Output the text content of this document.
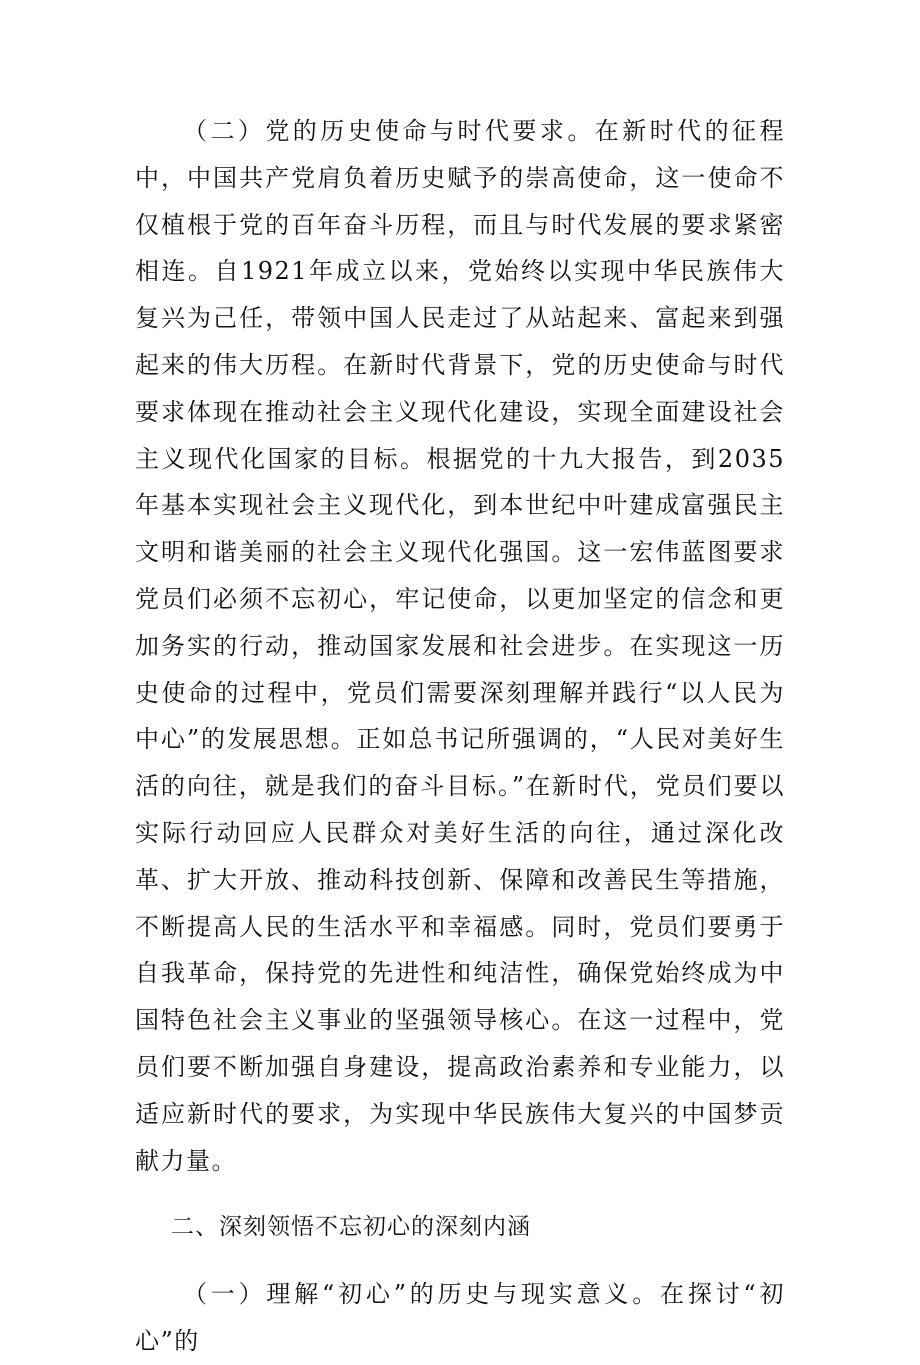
（二）党的历史使命与时代要求。在新时代的征程中，中国共产党肩负着历史赋予的崇高使命，这一使命不仅植根于党的百年奋斗历程，而且与时代发展的要求紧密相连。自1921年成立以来，党始终以实现中华民族伟大复兴为己任，带领中国人民走过了从站起来、富起来到强起来的伟大历程。在新时代背景下，党的历史使命与时代要求体现在推动社会主义现代化建设，实现全面建设社会主义现代化国家的目标。根据党的十九大报告，到2035年基本实现社会主义现代化，到本世纪中叶建成富强民主文明和谐美丽的社会主义现代化强国。这一宏伟蓝图要求党员们必须不忘初心，牢记使命，以更加坚定的信念和更加务实的行动，推动国家发展和社会进步。在实现这一历史使命的过程中，党员们需要深刻理解并践行“以人民为中心”的发展思想。正如总书记所强调的，“人民对美好生活的向往，就是我们的奋斗目标。”在新时代，党员们要以实际行动回应人民群众对美好生活的向往，通过深化改革、扩大开放、推动科技创新、保障和改善民生等措施，不断提高人民的生活水平和幸福感。同时，党员们要勇于自我革命，保持党的先进性和纯洁性，确保党始终成为中国特色社会主义事业的坚强领导核心。在这一过程中，党员们要不断加强自身建设，提高政治素养和专业能力，以适应新时代的要求，为实现中华民族伟大复兴的中国梦贡献力量。

二、深刻领悟不忘初心的深刻内涵

（一）理解“初心”的历史与现实意义。在探讨“初心”的
